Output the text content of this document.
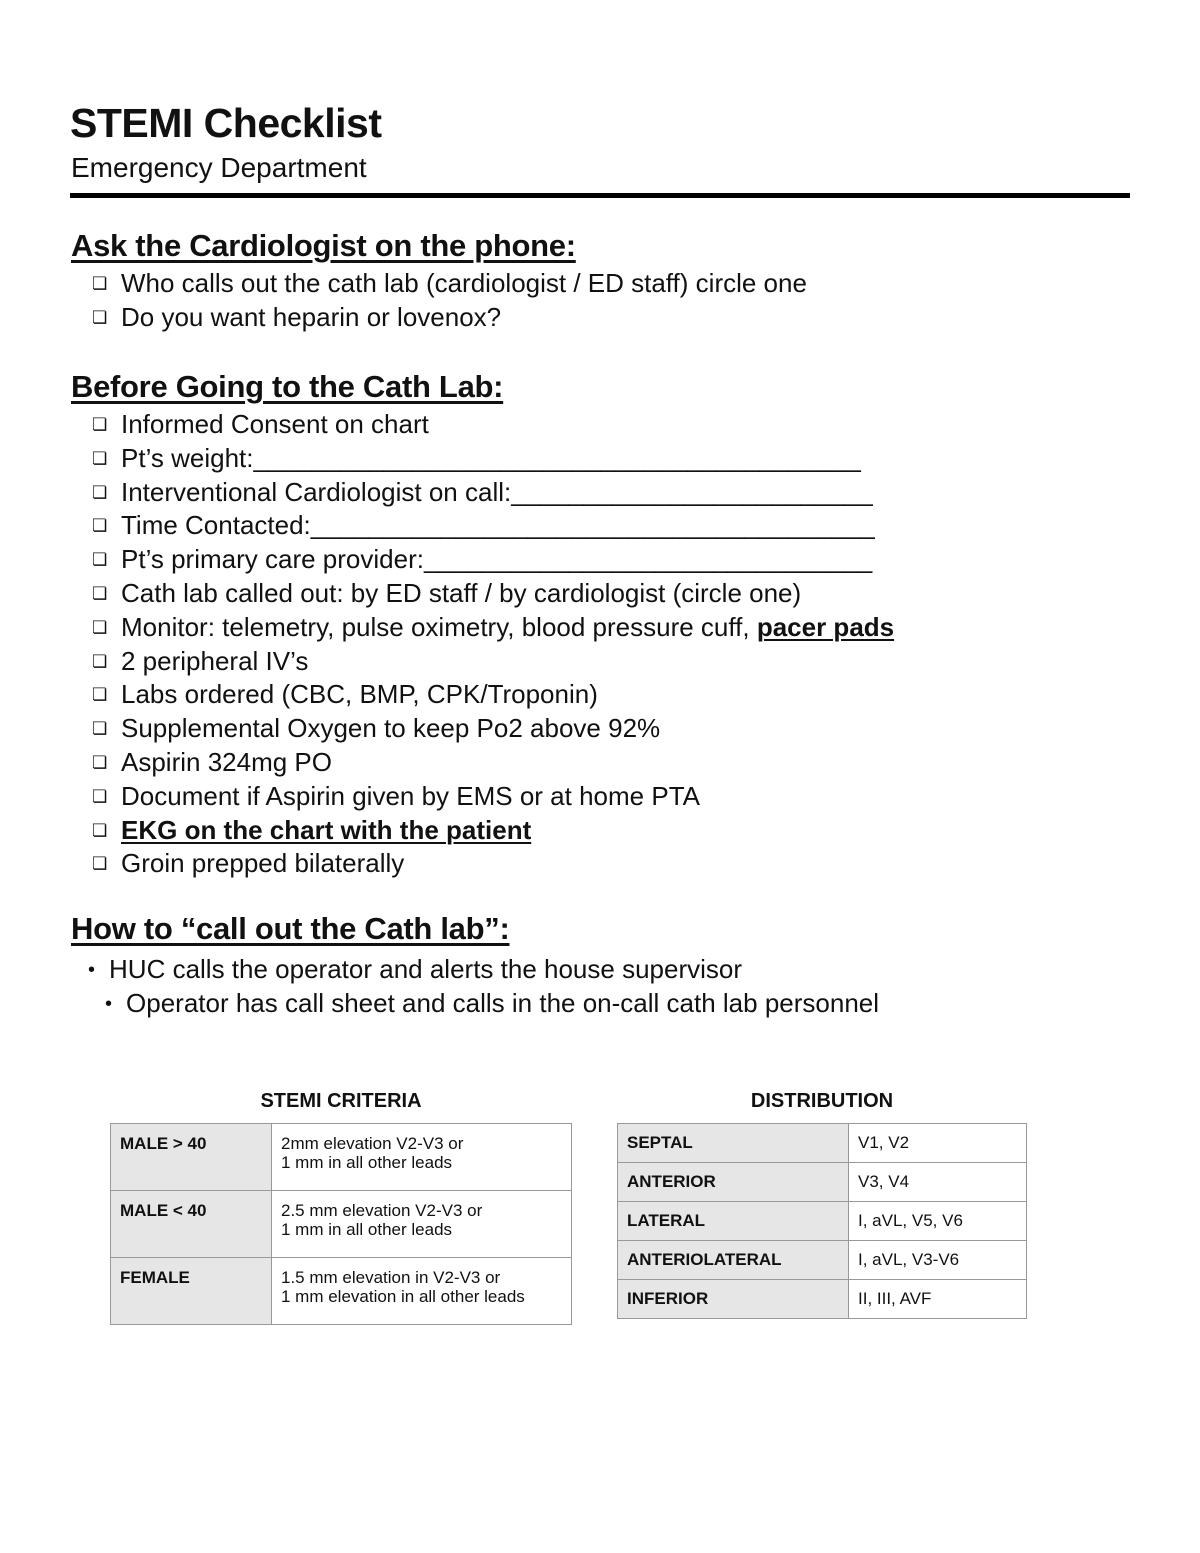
STEMI Checklist

Emergency Department

Ask the Cardiologist on the phone:
❏ Who calls out the cath lab (cardiologist / ED staff) circle one
❏ Do you want heparin or lovenox?
Before Going to the Cath Lab:
❏ Informed Consent on chart
❏ Pt’s weight:__________________________________________
❏ Interventional Cardiologist on call:_________________________
❏ Time Contacted:_______________________________________
❏ Pt’s primary care provider:_______________________________
❏ Cath lab called out: by ED staff / by cardiologist (circle one)
❏ Monitor: telemetry, pulse oximetry, blood pressure cuff, pacer pads
❏ 2 peripheral IV’s
❏ Labs ordered (CBC, BMP, CPK/Troponin)
❏ Supplemental Oxygen to keep Po2 above 92%
❏ Aspirin 324mg PO
❏ Document if Aspirin given by EMS or at home PTA
❏ EKG on the chart with the patient
❏ Groin prepped bilaterally
How to “call out the Cath lab”:
• HUC calls the operator and alerts the house supervisor
• Operator has call sheet and calls in the on-call cath lab personnel

STEMI CRITERIA

MALE > 40	2mm elevation V2-V3 or
1 mm in all other leads
MALE < 40	2.5 mm elevation V2-V3 or
1 mm in all other leads
FEMALE	1.5 mm elevation in V2-V3 or
1 mm elevation in all other leads

DISTRIBUTION

SEPTAL	V1, V2
ANTERIOR	V3, V4
LATERAL	I, aVL, V5, V6
ANTERIOLATERAL	I, aVL, V3-V6
INFERIOR	II, III, AVF
